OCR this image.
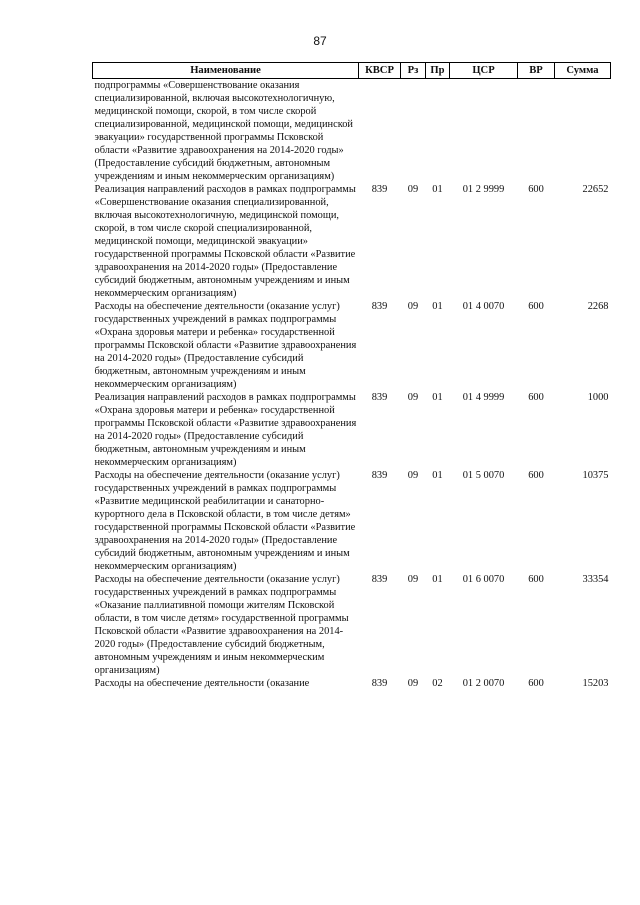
87
Наименование	КВСР	Рз	Пр	ЦСР	ВР	Сумма
подпрограммы «Совершенствование оказания специализированной, включая высокотехнологичную, медицинской помощи, скорой, в том числе скорой специализированной, медицинской помощи, медицинской эвакуации» государственной программы Псковской области «Развитие здравоохранения на 2014-2020 годы» (Предоставление субсидий бюджетным, автономным учреждениям и иным некоммерческим организациям)						
Реализация направлений расходов в рамках подпрограммы «Совершенствование оказания специализированной, включая высокотехнологичную, медицинской помощи, скорой, в том числе скорой специализированной, медицинской помощи, медицинской эвакуации» государственной программы Псковской области «Развитие здравоохранения на 2014-2020 годы» (Предоставление субсидий бюджетным, автономным учреждениям и иным некоммерческим организациям)	839	09	01	01 2 9999	600	22652
Расходы на обеспечение деятельности (оказание услуг) государственных учреждений в рамках подпрограммы «Охрана здоровья матери и ребенка» государственной программы Псковской области «Развитие здравоохранения на 2014-2020 годы» (Предоставление субсидий бюджетным, автономным учреждениям и иным некоммерческим организациям)	839	09	01	01 4 0070	600	2268
Реализация направлений расходов в рамках подпрограммы «Охрана здоровья матери и ребенка» государственной программы Псковской области «Развитие здравоохранения на 2014-2020 годы» (Предоставление субсидий бюджетным, автономным учреждениям и иным некоммерческим организациям)	839	09	01	01 4 9999	600	1000
Расходы на обеспечение деятельности (оказание услуг) государственных учреждений в рамках подпрограммы «Развитие медицинской реабилитации и санаторно-курортного дела в Псковской области, в том числе детям» государственной программы Псковской области «Развитие здравоохранения на 2014-2020 годы» (Предоставление субсидий бюджетным, автономным учреждениям и иным некоммерческим организациям)	839	09	01	01 5 0070	600	10375
Расходы на обеспечение деятельности (оказание услуг) государственных учреждений в рамках подпрограммы «Оказание паллиативной помощи жителям Псковской области, в том числе детям» государственной программы Псковской области «Развитие здравоохранения на 2014-2020 годы» (Предоставление субсидий бюджетным, автономным учреждениям и иным некоммерческим организациям)	839	09	01	01 6 0070	600	33354
Расходы на обеспечение деятельности (оказание	839	09	02	01 2 0070	600	15203
